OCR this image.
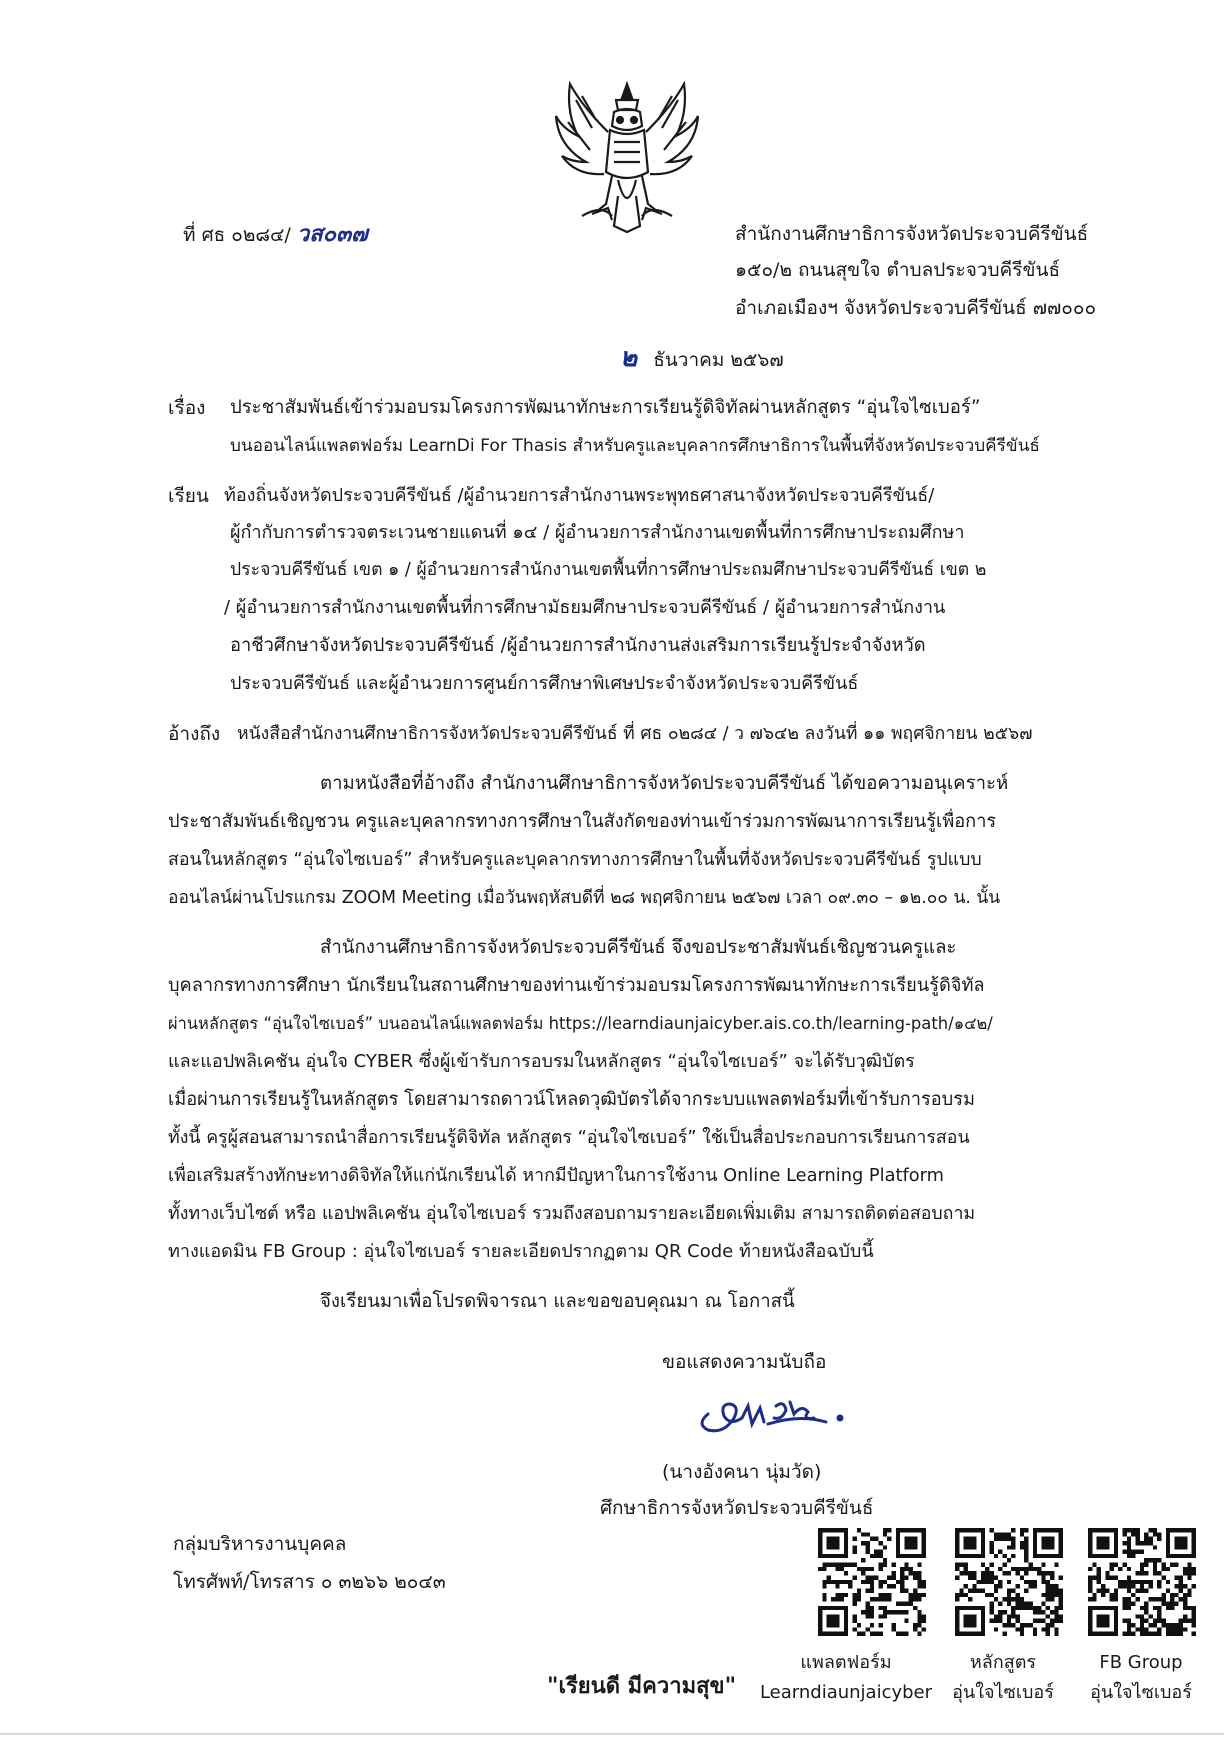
ที่ ศธ ๐๒๘๔/ วส๐๓๗	สำนักงานศึกษาธิการจังหวัดประจวบคีรีขันธ์
๑๕๐/๒ ถนนสุขใจ ตำบลประจวบคีรีขันธ์
อำเภอเมืองฯ จังหวัดประจวบคีรีขันธ์ ๗๗๐๐๐
๒ ธันวาคม ๒๕๖๗
เรื่อง ประชาสัมพันธ์เข้าร่วมอบรมโครงการพัฒนาทักษะการเรียนรู้ดิจิทัลผ่านหลักสูตร “อุ่นใจไซเบอร์”
บนออนไลน์แพลตฟอร์ม LearnDi For Thasis สำหรับครูและบุคลากรศึกษาธิการในพื้นที่จังหวัดประจวบคีรีขันธ์
เรียน ท้องถิ่นจังหวัดประจวบคีรีขันธ์ /ผู้อำนวยการสำนักงานพระพุทธศาสนาจังหวัดประจวบคีรีขันธ์/
ผู้กำกับการตำรวจตระเวนชายแดนที่ ๑๔ / ผู้อำนวยการสำนักงานเขตพื้นที่การศึกษาประถมศึกษา
ประจวบคีรีขันธ์ เขต ๑ / ผู้อำนวยการสำนักงานเขตพื้นที่การศึกษาประถมศึกษาประจวบคีรีขันธ์ เขต ๒
/ ผู้อำนวยการสำนักงานเขตพื้นที่การศึกษามัธยมศึกษาประจวบคีรีขันธ์ / ผู้อำนวยการสำนักงาน
อาชีวศึกษาจังหวัดประจวบคีรีขันธ์ /ผู้อำนวยการสำนักงานส่งเสริมการเรียนรู้ประจำจังหวัด
ประจวบคีรีขันธ์ และผู้อำนวยการศูนย์การศึกษาพิเศษประจำจังหวัดประจวบคีรีขันธ์
อ้างถึง หนังสือสำนักงานศึกษาธิการจังหวัดประจวบคีรีขันธ์ ที่ ศธ ๐๒๘๔ / ว ๗๖๔๒ ลงวันที่ ๑๑ พฤศจิกายน ๒๕๖๗
ตามหนังสือที่อ้างถึง สำนักงานศึกษาธิการจังหวัดประจวบคีรีขันธ์ ได้ขอความอนุเคราะห์
ประชาสัมพันธ์เชิญชวน ครูและบุคลากรทางการศึกษาในสังกัดของท่านเข้าร่วมการพัฒนาการเรียนรู้เพื่อการ
สอนในหลักสูตร “อุ่นใจไซเบอร์” สำหรับครูและบุคลากรทางการศึกษาในพื้นที่จังหวัดประจวบคีรีขันธ์ รูปแบบ
ออนไลน์ผ่านโปรแกรม ZOOM Meeting เมื่อวันพฤหัสบดีที่ ๒๘ พฤศจิกายน ๒๕๖๗ เวลา ๐๙.๓๐ – ๑๒.๐๐ น. นั้น
สำนักงานศึกษาธิการจังหวัดประจวบคีรีขันธ์ จึงขอประชาสัมพันธ์เชิญชวนครูและ
บุคลากรทางการศึกษา นักเรียนในสถานศึกษาของท่านเข้าร่วมอบรมโครงการพัฒนาทักษะการเรียนรู้ดิจิทัล
ผ่านหลักสูตร “อุ่นใจไซเบอร์” บนออนไลน์แพลตฟอร์ม https://learndiaunjaicyber.ais.co.th/learning-path/๑๔๒/
และแอปพลิเคชัน อุ่นใจ CYBER ซึ่งผู้เข้ารับการอบรมในหลักสูตร “อุ่นใจไซเบอร์” จะได้รับวุฒิบัตร
เมื่อผ่านการเรียนรู้ในหลักสูตร โดยสามารถดาวน์โหลดวุฒิบัตรได้จากระบบแพลตฟอร์มที่เข้ารับการอบรม
ทั้งนี้ ครูผู้สอนสามารถนำสื่อการเรียนรู้ดิจิทัล หลักสูตร “อุ่นใจไซเบอร์” ใช้เป็นสื่อประกอบการเรียนการสอน
เพื่อเสริมสร้างทักษะทางดิจิทัลให้แก่นักเรียนได้ หากมีปัญหาในการใช้งาน Online Learning Platform
ทั้งทางเว็บไซต์ หรือ แอปพลิเคชัน อุ่นใจไซเบอร์ รวมถึงสอบถามรายละเอียดเพิ่มเติม สามารถติดต่อสอบถาม
ทางแอดมิน FB Group : อุ่นใจไซเบอร์ รายละเอียดปรากฏตาม QR Code ท้ายหนังสือฉบับนี้
จึงเรียนมาเพื่อโปรดพิจารณา และขอขอบคุณมา ณ โอกาสนี้
ขอแสดงความนับถือ
(นางอังคนา นุ่มวัด)
ศึกษาธิการจังหวัดประจวบคีรีขันธ์
กลุ่มบริหารงานบุคคล
โทรศัพท์/โทรสาร ๐ ๓๒๖๖ ๒๐๔๓
"เรียนดี มีความสุข"
แพลตฟอร์ม
Learndiaunjaicyber
หลักสูตร
อุ่นใจไซเบอร์
FB Group
อุ่นใจไซเบอร์
